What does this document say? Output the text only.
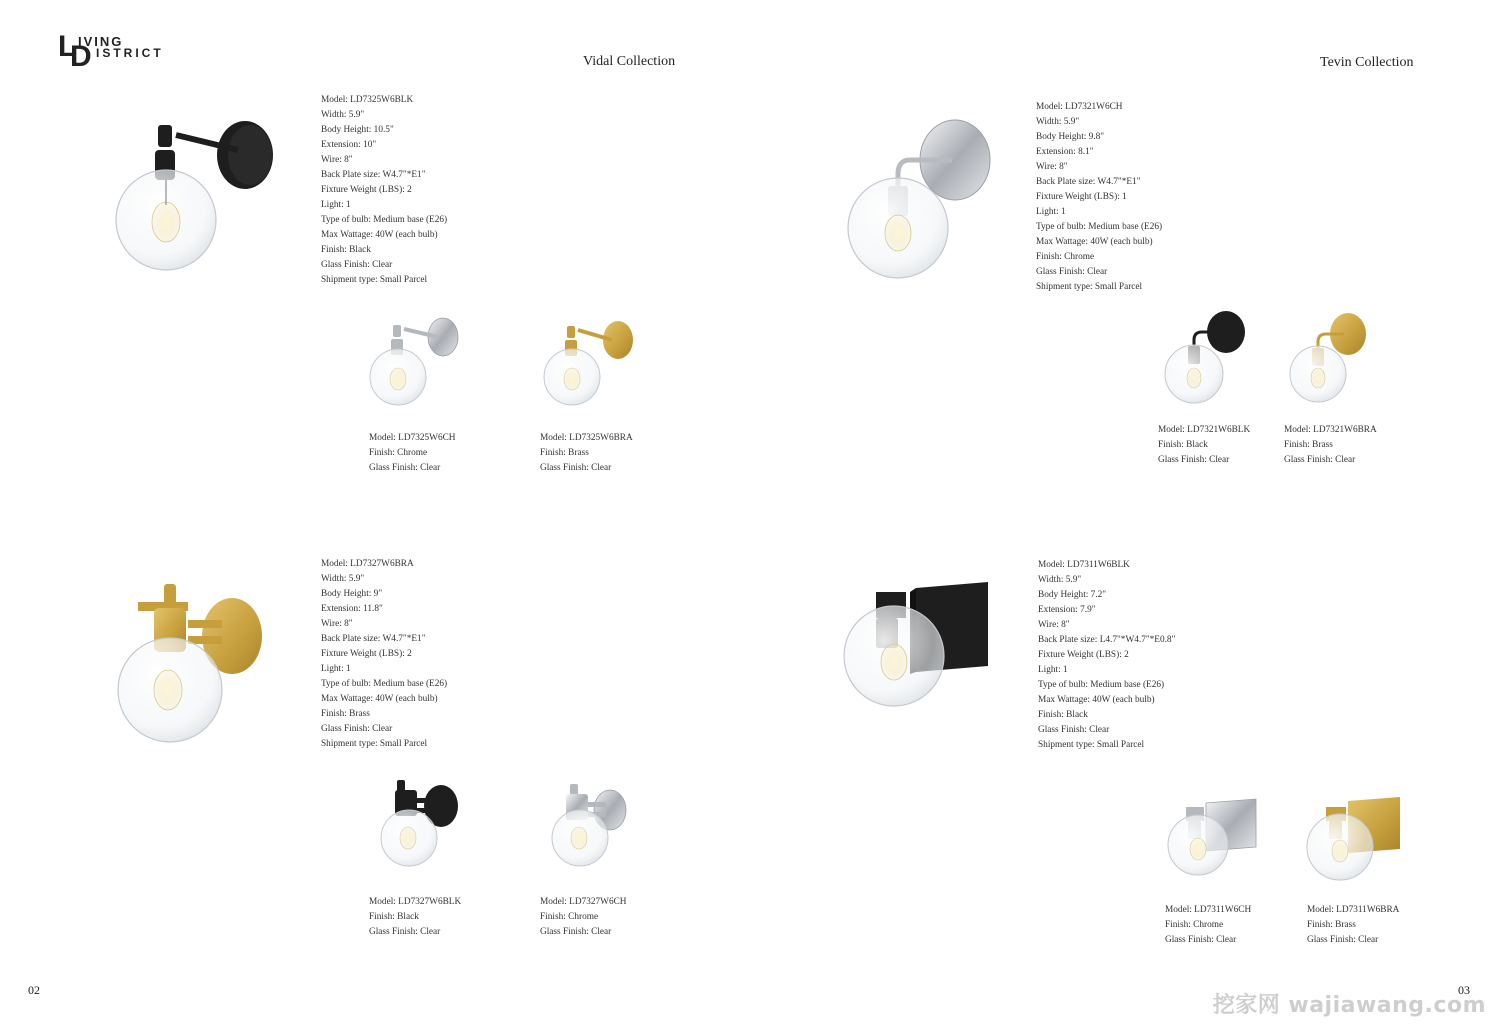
L
D
IVING
ISTRICT
Vidal Collection	Tevin Collection
Model: LD7325W6BLK
Width: 5.9"
Body Height: 10.5"
Extension: 10"
Wire: 8"
Back Plate size: W4.7"*E1"
Fixture Weight (LBS): 2
Light: 1
Type of bulb: Medium base (E26)
Max Wattage: 40W (each bulb)
Finish: Black
Glass Finish: Clear
Shipment type: Small Parcel
Model: LD7325W6CH
Finish: Chrome
Glass Finish: Clear
Model: LD7325W6BRA
Finish: Brass
Glass Finish: Clear
Model: LD7321W6CH
Width: 5.9"
Body Height: 9.8"
Extension: 8.1"
Wire: 8"
Back Plate size: W4.7"*E1"
Fixture Weight (LBS): 1
Light: 1
Type of bulb: Medium base (E26)
Max Wattage: 40W (each bulb)
Finish: Chrome
Glass Finish: Clear
Shipment type: Small Parcel
Model: LD7321W6BLK
Finish: Black
Glass Finish: Clear
Model: LD7321W6BRA
Finish: Brass
Glass Finish: Clear
Model: LD7327W6BRA
Width: 5.9"
Body Height: 9"
Extension: 11.8"
Wire: 8"
Back Plate size: W4.7"*E1"
Fixture Weight (LBS): 2
Light: 1
Type of bulb: Medium base (E26)
Max Wattage: 40W (each bulb)
Finish: Brass
Glass Finish: Clear
Shipment type: Small Parcel
Model: LD7327W6BLK
Finish: Black
Glass Finish: Clear
Model: LD7327W6CH
Finish: Chrome
Glass Finish: Clear
Model: LD7311W6BLK
Width: 5.9"
Body Height: 7.2"
Extension: 7.9"
Wire: 8"
Back Plate size: L4.7"*W4.7"*E0.8"
Fixture Weight (LBS): 2
Light: 1
Type of bulb: Medium base (E26)
Max Wattage: 40W (each bulb)
Finish: Black
Glass Finish: Clear
Shipment type: Small Parcel
Model: LD7311W6CH
Finish: Chrome
Glass Finish: Clear
Model: LD7311W6BRA
Finish: Brass
Glass Finish: Clear
02	03
挖家网 wajiawang.com
